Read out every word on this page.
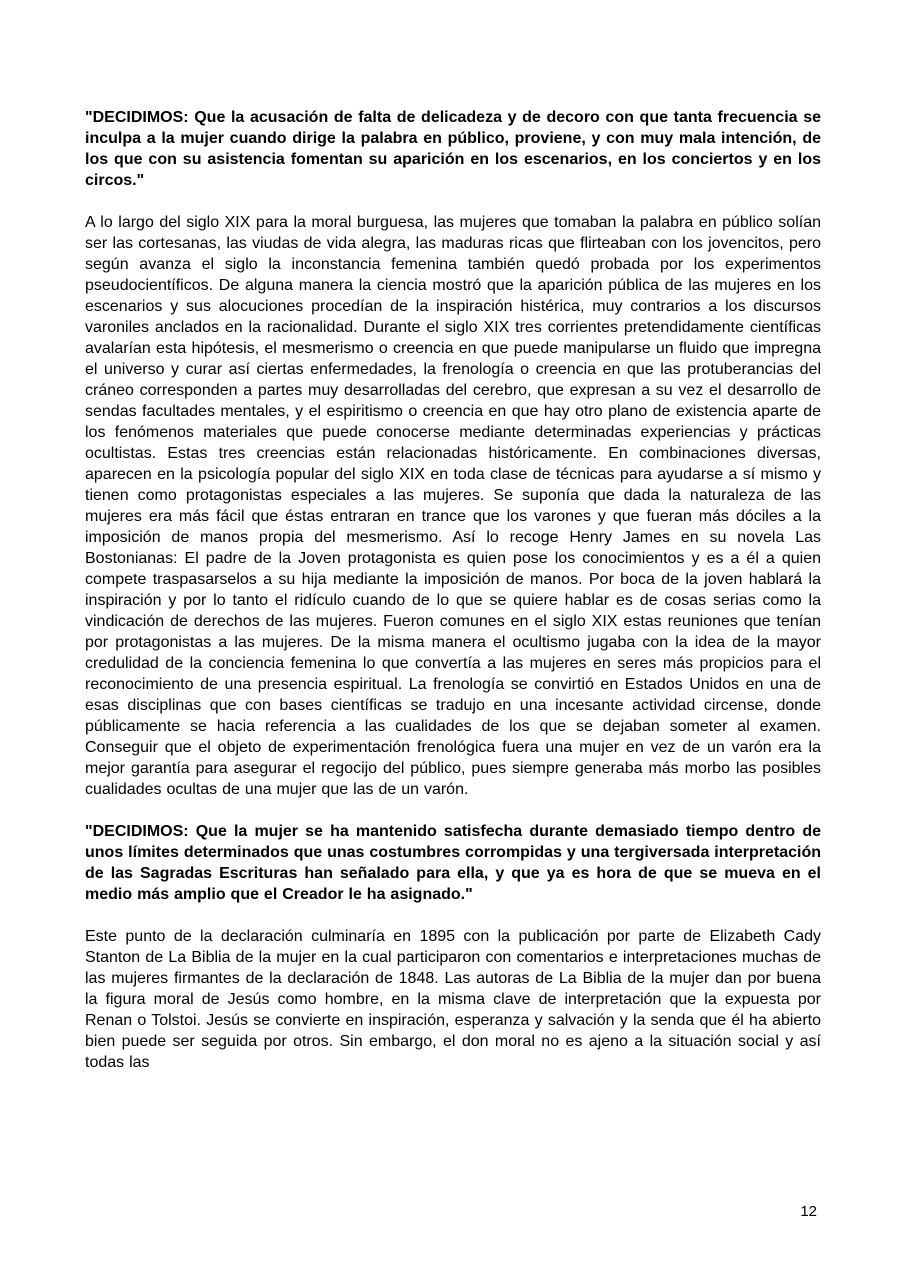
"DECIDIMOS: Que la acusación de falta de delicadeza y de decoro con que tanta frecuencia se inculpa a la mujer cuando dirige la palabra en público, proviene, y con muy mala intención, de los que con su asistencia fomentan su aparición en los escenarios, en los conciertos y en los circos."

A lo largo del siglo XIX para la moral burguesa, las mujeres que tomaban la palabra en público solían ser las cortesanas, las viudas de vida alegra, las maduras ricas que flirteaban con los jovencitos, pero según avanza el siglo la inconstancia femenina también quedó probada por los experimentos pseudocientíficos. De alguna manera la ciencia mostró que la aparición pública de las mujeres en los escenarios y sus alocuciones procedían de la inspiración histérica, muy contrarios a los discursos varoniles anclados en la racionalidad. Durante el siglo XIX tres corrientes pretendidamente científicas avalarían esta hipótesis, el mesmerismo o creencia en que puede manipularse un fluido que impregna el universo y curar así ciertas enfermedades, la frenología o creencia en que las protuberancias del cráneo corresponden a partes muy desarrolladas del cerebro, que expresan a su vez el desarrollo de sendas facultades mentales, y el espiritismo o creencia en que hay otro plano de existencia aparte de los fenómenos materiales que puede conocerse mediante determinadas experiencias y prácticas ocultistas. Estas tres creencias están relacionadas históricamente. En combinaciones diversas, aparecen en la psicología popular del siglo XIX en toda clase de técnicas para ayudarse a sí mismo y tienen como protagonistas especiales a las mujeres. Se suponía que dada la naturaleza de las mujeres era más fácil que éstas entraran en trance que los varones y que fueran más dóciles a la imposición de manos propia del mesmerismo. Así lo recoge Henry James en su novela Las Bostonianas: El padre de la Joven protagonista es quien pose los conocimientos y es a él a quien compete traspasarselos a su hija mediante la imposición de manos. Por boca de la joven hablará la inspiración y por lo tanto el ridículo cuando de lo que se quiere hablar es de cosas serias como la vindicación de derechos de las mujeres. Fueron comunes en el siglo XIX estas reuniones que tenían por protagonistas a las mujeres. De la misma manera el ocultismo jugaba con la idea de la mayor credulidad de la conciencia femenina lo que convertía a las mujeres en seres más propicios para el reconocimiento de una presencia espiritual. La frenología se convirtió en Estados Unidos en una de esas disciplinas que con bases científicas se tradujo en una incesante actividad circense, donde públicamente se hacia referencia a las cualidades de los que se dejaban someter al examen. Conseguir que el objeto de experimentación frenológica fuera una mujer en vez de un varón era la mejor garantía para asegurar el regocijo del público, pues siempre generaba más morbo las posibles cualidades ocultas de una mujer que las de un varón.

"DECIDIMOS: Que la mujer se ha mantenido satisfecha durante demasiado tiempo dentro de unos límites determinados que unas costumbres corrompidas y una tergiversada interpretación de las Sagradas Escrituras han señalado para ella, y que ya es hora de que se mueva en el medio más amplio que el Creador le ha asignado."

Este punto de la declaración culminaría en 1895 con la publicación por parte de Elizabeth Cady Stanton de La Biblia de la mujer en la cual participaron con comentarios e interpretaciones muchas de las mujeres firmantes de la declaración de 1848. Las autoras de La Biblia de la mujer dan por buena la figura moral de Jesús como hombre, en la misma clave de interpretación que la expuesta por Renan o Tolstoi. Jesús se convierte en inspiración, esperanza y salvación y la senda que él ha abierto bien puede ser seguida por otros. Sin embargo, el don moral no es ajeno a la situación social y así todas las

12
